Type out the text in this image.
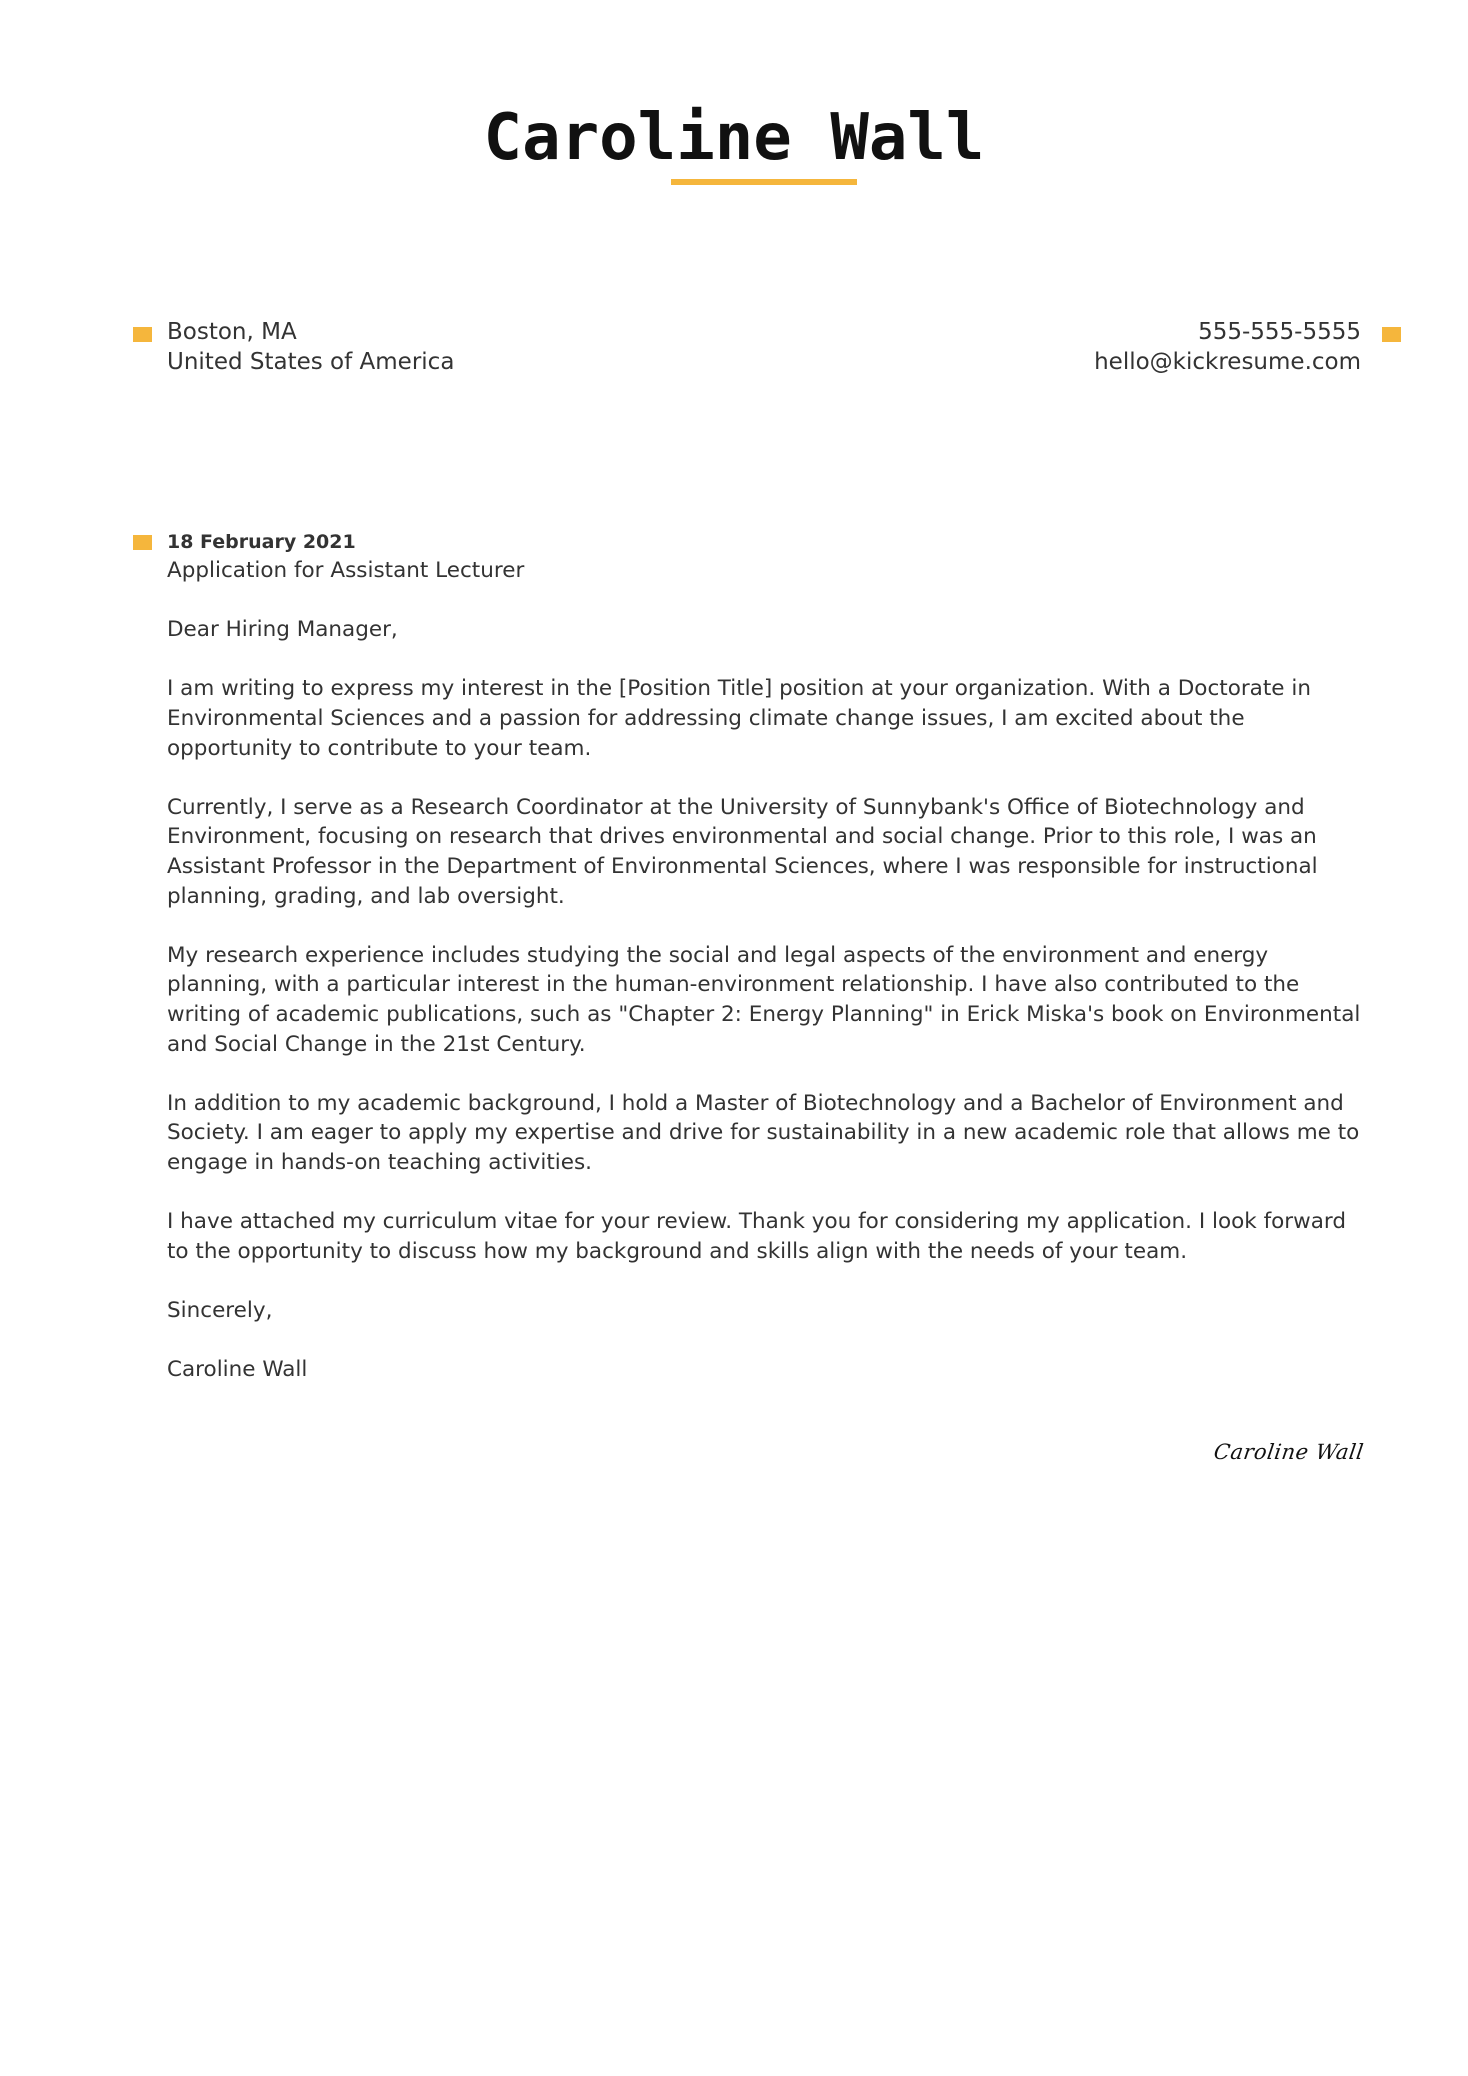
Caroline Wall
Boston, MA
United States of America
555-555-5555
hello@kickresume.com
18 February 2021
Application for Assistant Lecturer

Dear Hiring Manager,

I am writing to express my interest in the [Position Title] position at your organization. With a Doctorate in Environmental Sciences and a passion for addressing climate change issues, I am excited about the opportunity to contribute to your team.

Currently, I serve as a Research Coordinator at the University of Sunnybank's Office of Biotechnology and Environment, focusing on research that drives environmental and social change. Prior to this role, I was an Assistant Professor in the Department of Environmental Sciences, where I was responsible for instructional planning, grading, and lab oversight.

My research experience includes studying the social and legal aspects of the environment and energy planning, with a particular interest in the human-environment relationship. I have also contributed to the writing of academic publications, such as "Chapter 2: Energy Planning" in Erick Miska's book on Environmental and Social Change in the 21st Century.

In addition to my academic background, I hold a Master of Biotechnology and a Bachelor of Environment and Society. I am eager to apply my expertise and drive for sustainability in a new academic role that allows me to engage in hands-on teaching activities.

I have attached my curriculum vitae for your review. Thank you for considering my application. I look forward to the opportunity to discuss how my background and skills align with the needs of your team.

Sincerely,

Caroline Wall

Caroline Wall
